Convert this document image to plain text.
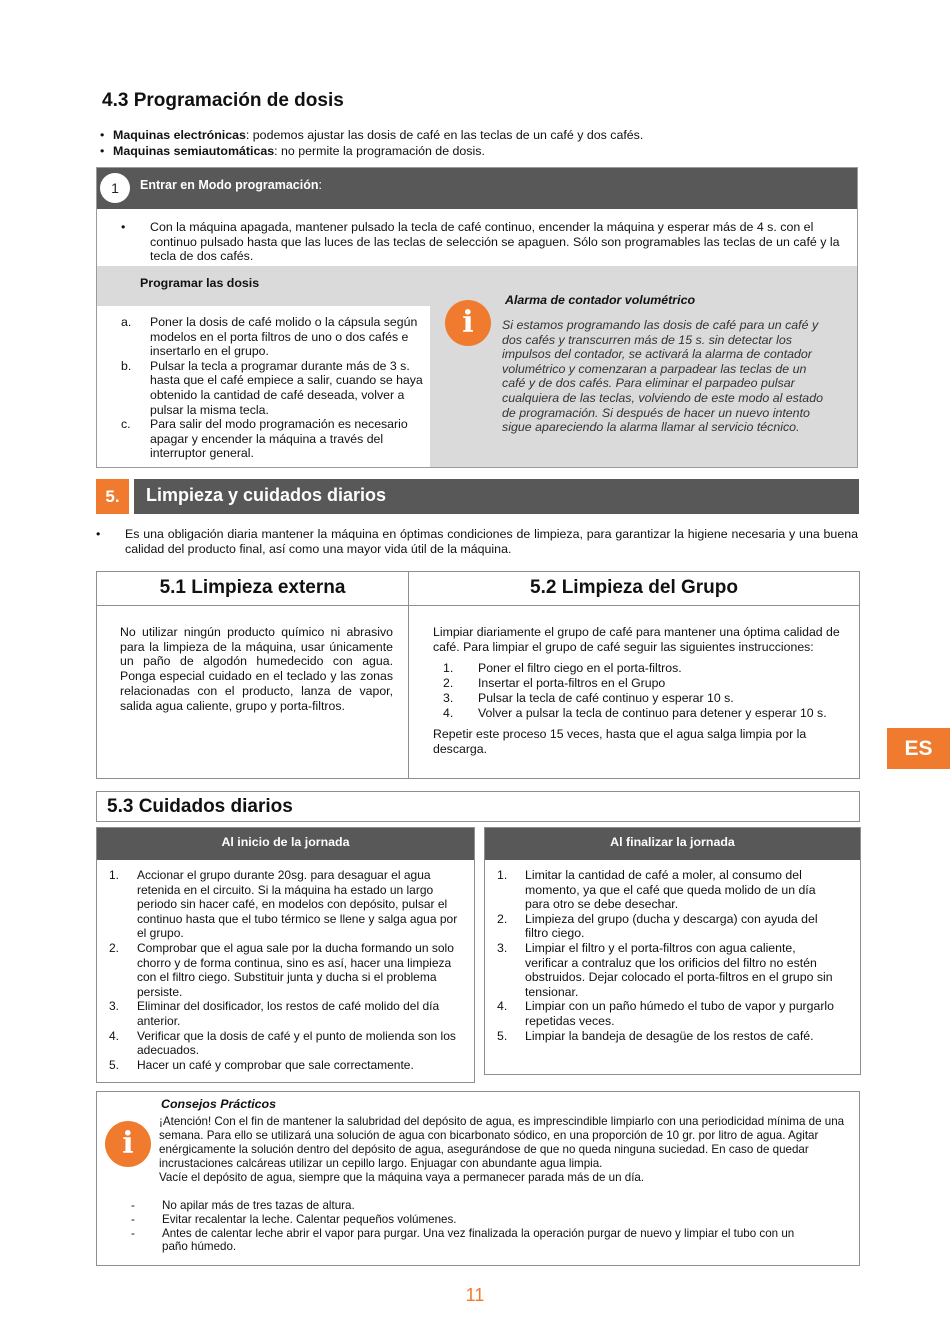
4.3 Programación de dosis
• Maquinas electrónicas: podemos ajustar las dosis de café en las teclas de un café y dos cafés.
• Maquinas semiautomáticas: no permite la programación de dosis.
1	Entrar en Modo programación:
• Con la máquina apagada, mantener pulsado la tecla de café continuo, encender la máquina y esperar más de 4 s. con el continuo pulsado hasta que las luces de las teclas de selección se apaguen. Sólo son programables las teclas de un café y la tecla de dos cafés.
Programar las dosis
a. Poner la dosis de café molido o la cápsula según modelos en el porta filtros de uno o dos cafés e insertarlo en el grupo.
b. Pulsar la tecla a programar durante más de 3 s. hasta que el café empiece a salir, cuando se haya obtenido la cantidad de café deseada, volver a pulsar la misma tecla.
c. Para salir del modo programación es necesario apagar y encender la máquina a través del interruptor general.
i
Alarma de contador volumétrico
Si estamos programando las dosis de café para un café y dos cafés y transcurren más de 15 s. sin detectar los impulsos del contador, se activará la alarma de contador volumétrico y comenzaran a parpadear las teclas de un café y de dos cafés. Para eliminar el parpadeo pulsar cualquiera de las teclas, volviendo de este modo al estado de programación. Si después de hacer un nuevo intento sigue apareciendo la alarma llamar al servicio técnico.
5.	Limpieza y cuidados diarios
• Es una obligación diaria mantener la máquina en óptimas condiciones de limpieza, para garantizar la higiene necesaria y una buena calidad del producto final, así como una mayor vida útil de la máquina.
5.1 Limpieza externa	5.2 Limpieza del Grupo
No utilizar ningún producto químico ni abrasivo para la limpieza de la máquina, usar únicamente un paño de algodón humedecido con agua. Ponga especial cuidado en el teclado y las zonas relacionadas con el producto, lanza de vapor, salida agua caliente, grupo y porta-filtros.
Limpiar diariamente el grupo de café para mantener una óptima calidad de café. Para limpiar el grupo de café seguir las siguientes instrucciones:
1. Poner el filtro ciego en el porta-filtros.
2. Insertar el porta-filtros en el Grupo
3. Pulsar la tecla de café continuo y esperar 10 s.
4. Volver a pulsar la tecla de continuo para detener y esperar 10 s.
Repetir este proceso 15 veces, hasta que el agua salga limpia por la descarga.	ES
5.3 Cuidados diarios
Al inicio de la jornada
1. Accionar el grupo durante 20sg. para desaguar el agua retenida en el circuito. Si la máquina ha estado un largo periodo sin hacer café, en modelos con depósito, pulsar el continuo hasta que el tubo térmico se llene y salga agua por el grupo.
2. Comprobar que el agua sale por la ducha formando un solo chorro y de forma continua, sino es así, hacer una limpieza con el filtro ciego. Substituir junta y ducha si el problema persiste.
3. Eliminar del dosificador, los restos de café molido del día anterior.
4. Verificar que la dosis de café y el punto de molienda son los adecuados.
5. Hacer un café y comprobar que sale correctamente.
Al finalizar la jornada
1. Limitar la cantidad de café a moler, al consumo del momento, ya que el café que queda molido de un día para otro se debe desechar.
2. Limpieza del grupo (ducha y descarga) con ayuda del filtro ciego.
3. Limpiar el filtro y el porta-filtros con agua caliente, verificar a contraluz que los orificios del filtro no estén obstruidos. Dejar colocado el porta-filtros en el grupo sin tensionar.
4. Limpiar con un paño húmedo el tubo de vapor y purgarlo repetidas veces.
5. Limpiar la bandeja de desagüe de los restos de café.
i
Consejos Prácticos
¡Atención! Con el fin de mantener la salubridad del depósito de agua, es imprescindible limpiarlo con una periodicidad mínima de una semana. Para ello se utilizará una solución de agua con bicarbonato sódico, en una proporción de 10 gr. por litro de agua. Agitar enérgicamente la solución dentro del depósito de agua, asegurándose de que no queda ninguna suciedad. En caso de quedar incrustaciones calcáreas utilizar un cepillo largo. Enjuagar con abundante agua limpia.
Vacíe el depósito de agua, siempre que la máquina vaya a permanecer parada más de un día.
- No apilar más de tres tazas de altura.
- Evitar recalentar la leche. Calentar pequeños volúmenes.
- Antes de calentar leche abrir el vapor para purgar. Una vez finalizada la operación purgar de nuevo y limpiar el tubo con un paño húmedo.
11
